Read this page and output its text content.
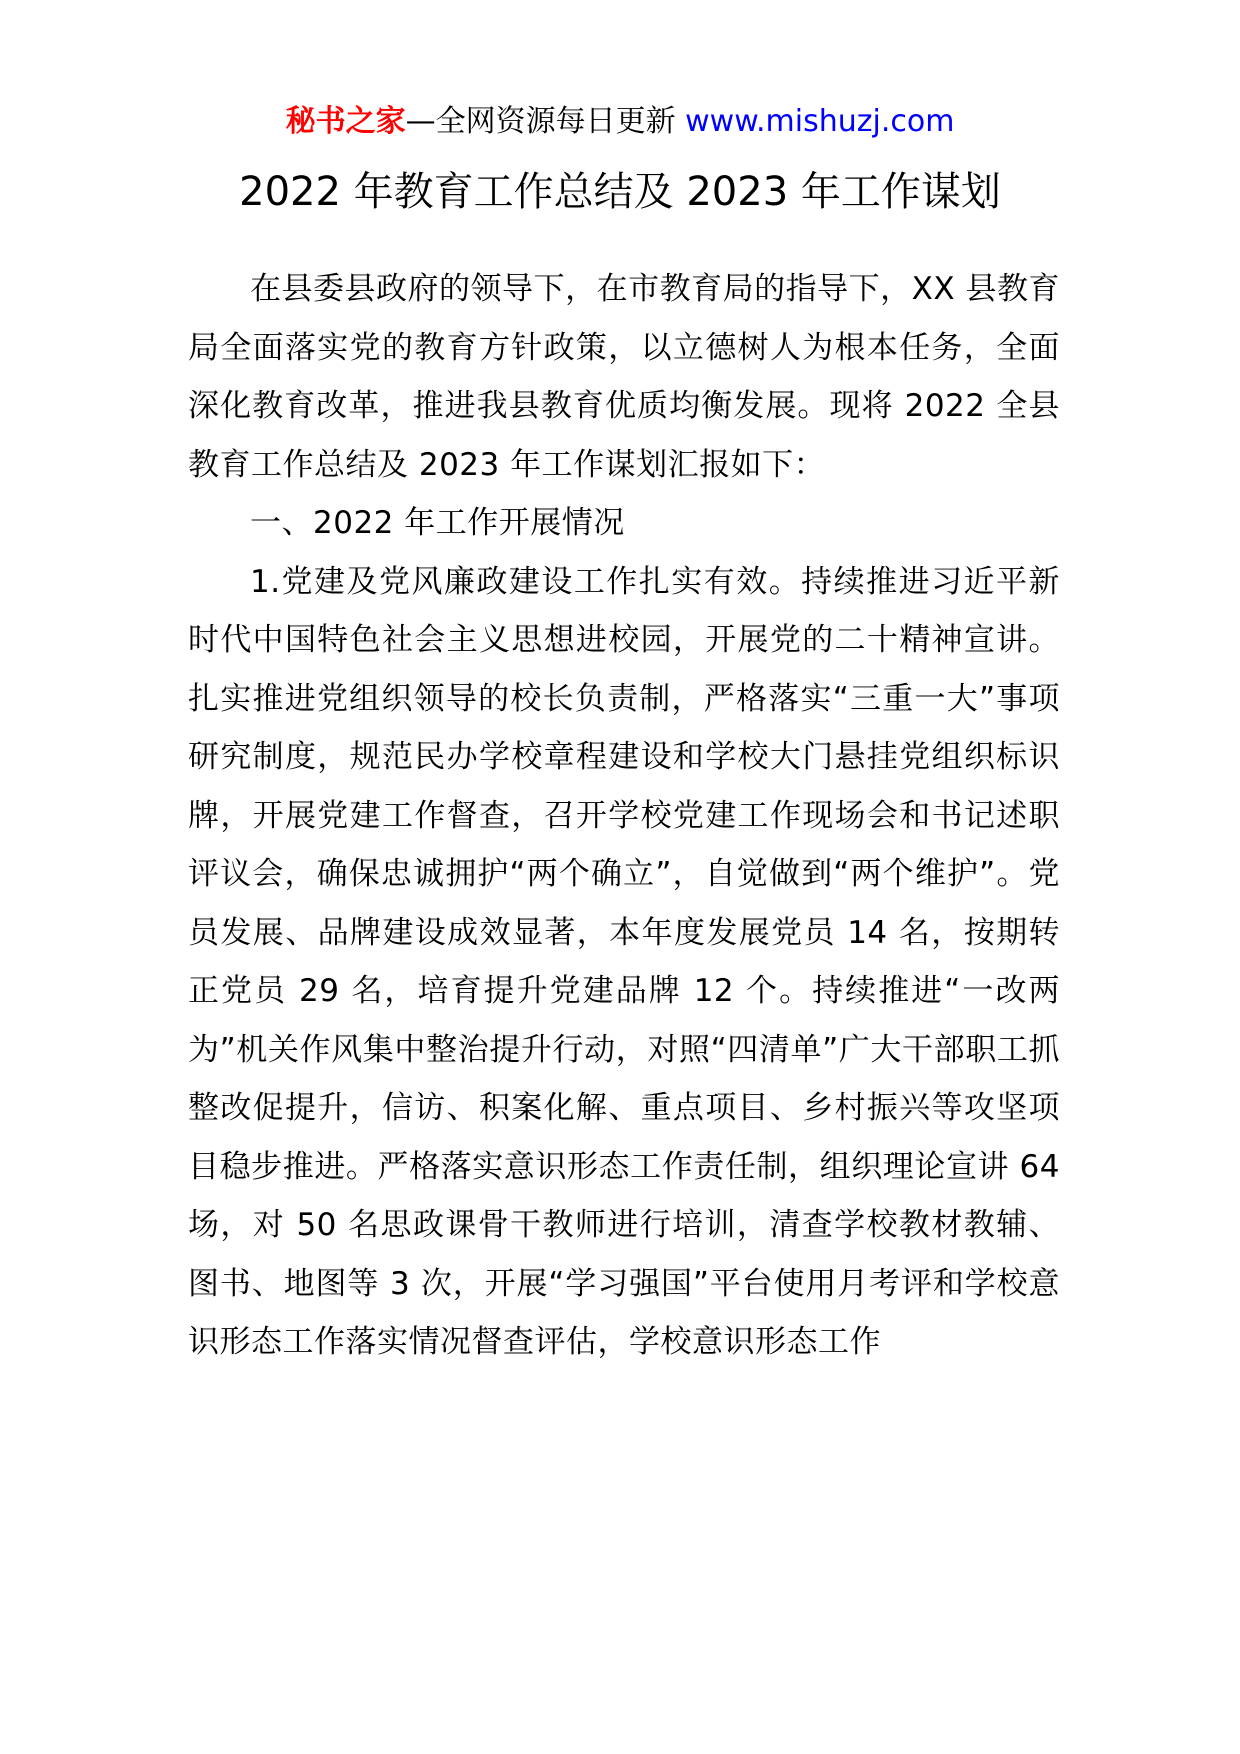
秘书之家—全网资源每日更新 www.mishuzj.com
2022 年教育工作总结及 2023 年工作谋划

在县委县政府的领导下，在市教育局的指导下，XX 县教育局全面落实党的教育方针政策，以立德树人为根本任务，全面深化教育改革，推进我县教育优质均衡发展。现将 2022 全县教育工作总结及 2023 年工作谋划汇报如下：

一、2022 年工作开展情况

1.党建及党风廉政建设工作扎实有效。持续推进习近平新时代中国特色社会主义思想进校园，开展党的二十精神宣讲。扎实推进党组织领导的校长负责制，严格落实“三重一大”事项研究制度，规范民办学校章程建设和学校大门悬挂党组织标识牌，开展党建工作督查，召开学校党建工作现场会和书记述职评议会，确保忠诚拥护“两个确立”，自觉做到“两个维护”。党员发展、品牌建设成效显著，本年度发展党员 14 名，按期转正党员 29 名，培育提升党建品牌 12 个。持续推进“一改两为”机关作风集中整治提升行动，对照“四清单”广大干部职工抓整改促提升，信访、积案化解、重点项目、乡村振兴等攻坚项目稳步推进。严格落实意识形态工作责任制，组织理论宣讲 64 场，对 50 名思政课骨干教师进行培训，清查学校教材教辅、图书、地图等 3 次，开展“学习强国”平台使用月考评和学校意识形态工作落实情况督查评估，学校意识形态工作
